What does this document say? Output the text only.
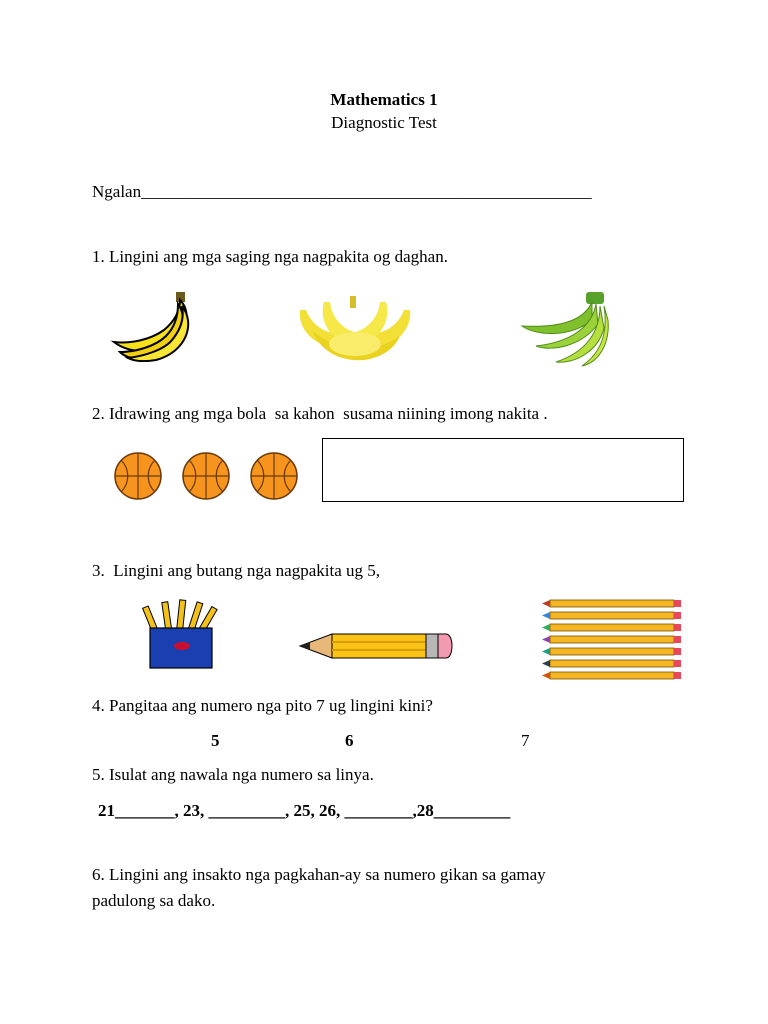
Mathematics 1
Diagnostic Test
Ngalan_____________________________________________________
1. Lingini ang mga saging nga nagpakita og daghan.
2. Idrawing ang mga bola  sa kahon  susama niining imong nakita .
3.  Lingini ang butang nga nagpakita ug 5,
4. Pangitaa ang numero nga pito 7 ug lingini kini?
5	6	7
5. Isulat ang nawala nga numero sa linya.
21_______, 23, _________, 25, 26, ________,28_________
6. Lingini ang insakto nga pagkahan-ay sa numero gikan sa gamay
padulong sa dako.
